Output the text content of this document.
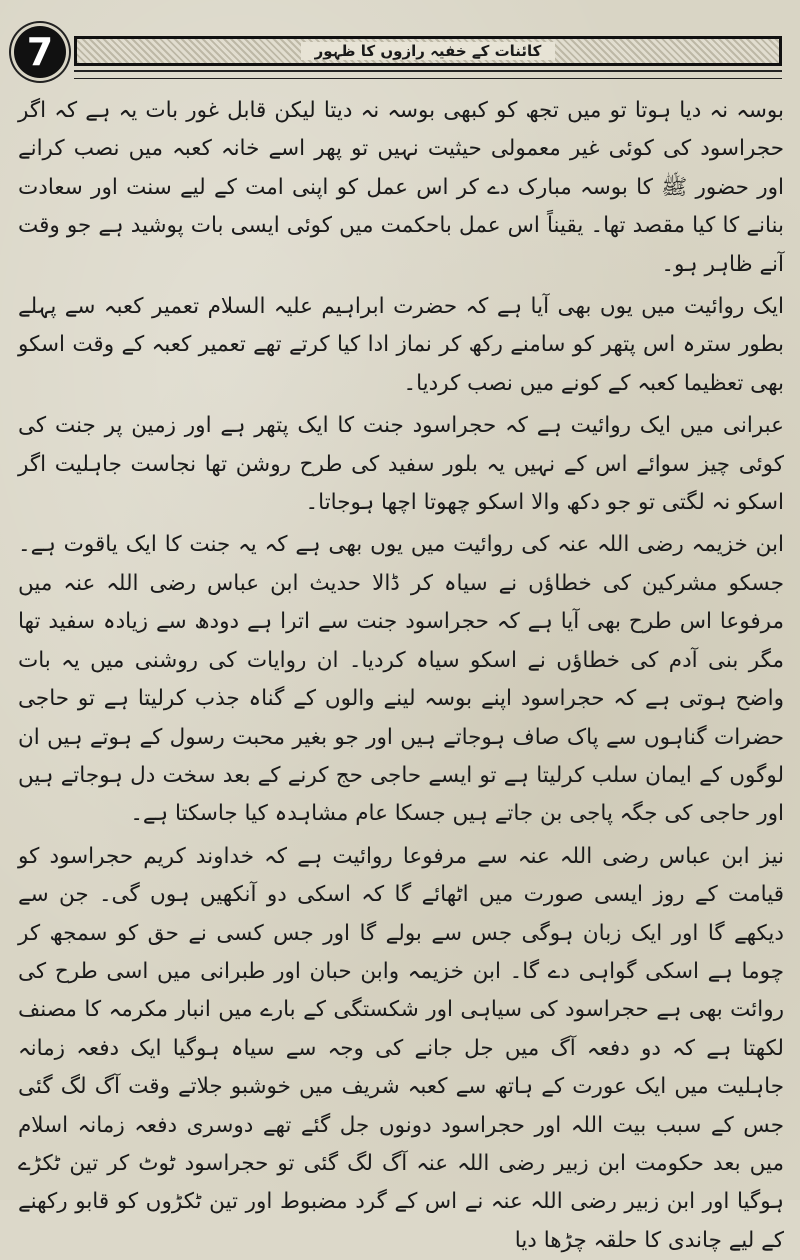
7	کائنات کے خفیہ رازوں کا ظہور

بوسہ نہ دیا ہوتا تو میں تجھ کو کبھی بوسہ نہ دیتا لیکن قابل غور بات یہ ہے کہ اگر حجراسود کی کوئی غیر معمولی حیثیت نہیں تو پھر اسے خانہ کعبہ میں نصب کرانے اور حضور ﷺ کا بوسہ مبارک دے کر اس عمل کو اپنی امت کے لیے سنت اور سعادت بنانے کا کیا مقصد تھا۔ یقیناً اس عمل باحکمت میں کوئی ایسی بات پوشید ہے جو وقت آنے ظاہر ہو۔

ایک روائیت میں یوں بھی آیا ہے کہ حضرت ابراہیم علیہ السلام تعمیر کعبہ سے پہلے بطور سترہ اس پتھر کو سامنے رکھ کر نماز ادا کیا کرتے تھے تعمیر کعبہ کے وقت اسکو بھی تعظیما کعبہ کے کونے میں نصب کردیا۔

عبرانی میں ایک روائیت ہے کہ حجراسود جنت کا ایک پتھر ہے اور زمین پر جنت کی کوئی چیز سوائے اس کے نہیں یہ بلور سفید کی طرح روشن تھا نجاست جاہلیت اگر اسکو نہ لگتی تو جو دکھ والا اسکو چھوتا اچھا ہوجاتا۔

ابن خزیمہ رضی اللہ عنہ کی روائیت میں یوں بھی ہے کہ یہ جنت کا ایک یاقوت ہے۔ جسکو مشرکین کی خطاؤں نے سیاہ کر ڈالا حدیث ابن عباس رضی اللہ عنہ میں مرفوعا اس طرح بھی آیا ہے کہ حجراسود جنت سے اترا ہے دودھ سے زیادہ سفید تھا مگر بنی آدم کی خطاؤں نے اسکو سیاہ کردیا۔ ان روایات کی روشنی میں یہ بات واضح ہوتی ہے کہ حجراسود اپنے بوسہ لینے والوں کے گناہ جذب کرلیتا ہے تو حاجی حضرات گناہوں سے پاک صاف ہوجاتے ہیں اور جو بغیر محبت رسول کے ہوتے ہیں ان لوگوں کے ایمان سلب کرلیتا ہے تو ایسے حاجی حج کرنے کے بعد سخت دل ہوجاتے ہیں اور حاجی کی جگہ پاجی بن جاتے ہیں جسکا عام مشاہدہ کیا جاسکتا ہے۔

نیز ابن عباس رضی اللہ عنہ سے مرفوعا روائیت ہے کہ خداوند کریم حجراسود کو قیامت کے روز ایسی صورت میں اٹھائے گا کہ اسکی دو آنکھیں ہوں گی۔ جن سے دیکھے گا اور ایک زبان ہوگی جس سے بولے گا اور جس کسی نے حق کو سمجھ کر چوما ہے اسکی گواہی دے گا۔ ابن خزیمہ وابن حبان اور طبرانی میں اسی طرح کی روائت بھی ہے حجراسود کی سیاہی اور شکستگی کے بارے میں انبار مکرمہ کا مصنف لکھتا ہے کہ دو دفعہ آگ میں جل جانے کی وجہ سے سیاہ ہوگیا ایک دفعہ زمانہ جاہلیت میں ایک عورت کے ہاتھ سے کعبہ شریف میں خوشبو جلاتے وقت آگ لگ گئی جس کے سبب بیت اللہ اور حجراسود دونوں جل گئے تھے دوسری دفعہ زمانہ اسلام میں بعد حکومت ابن زبیر رضی اللہ عنہ آگ لگ گئی تو حجراسود ٹوٹ کر تین ٹکڑے ہوگیا اور ابن زبیر رضی اللہ عنہ نے اس کے گرد مضبوط اور تین ٹکڑوں کو قابو رکھنے کے لیے چاندی کا حلقہ چڑھا دیا
